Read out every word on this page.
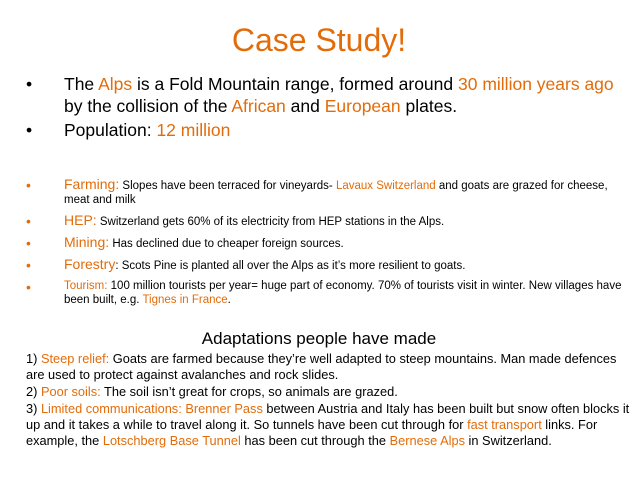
Case Study!
• The Alps is a Fold Mountain range, formed around 30 million years ago by the collision of the African and European plates.
• Population: 12 million
• Farming: Slopes have been terraced for vineyards- Lavaux Switzerland and goats are grazed for cheese, meat and milk
• HEP: Switzerland gets 60% of its electricity from HEP stations in the Alps.
• Mining: Has declined due to cheaper foreign sources.
• Forestry: Scots Pine is planted all over the Alps as it’s more resilient to goats.
•	Tourism: 100 million tourists per year= huge part of economy. 70% of tourists visit in winter. New villages have been built, e.g. Tignes in France.
Adaptations people have made

1) Steep relief: Goats are farmed because they’re well adapted to steep mountains. Man made defences are used to protect against avalanches and rock slides.

2) Poor soils: The soil isn’t great for crops, so animals are grazed.

3) Limited communications: Brenner Pass between Austria and Italy has been built but snow often blocks it up and it takes a while to travel along it. So tunnels have been cut through for fast transport links. For example, the Lotschberg Base Tunnel has been cut through the Bernese Alps in Switzerland.
